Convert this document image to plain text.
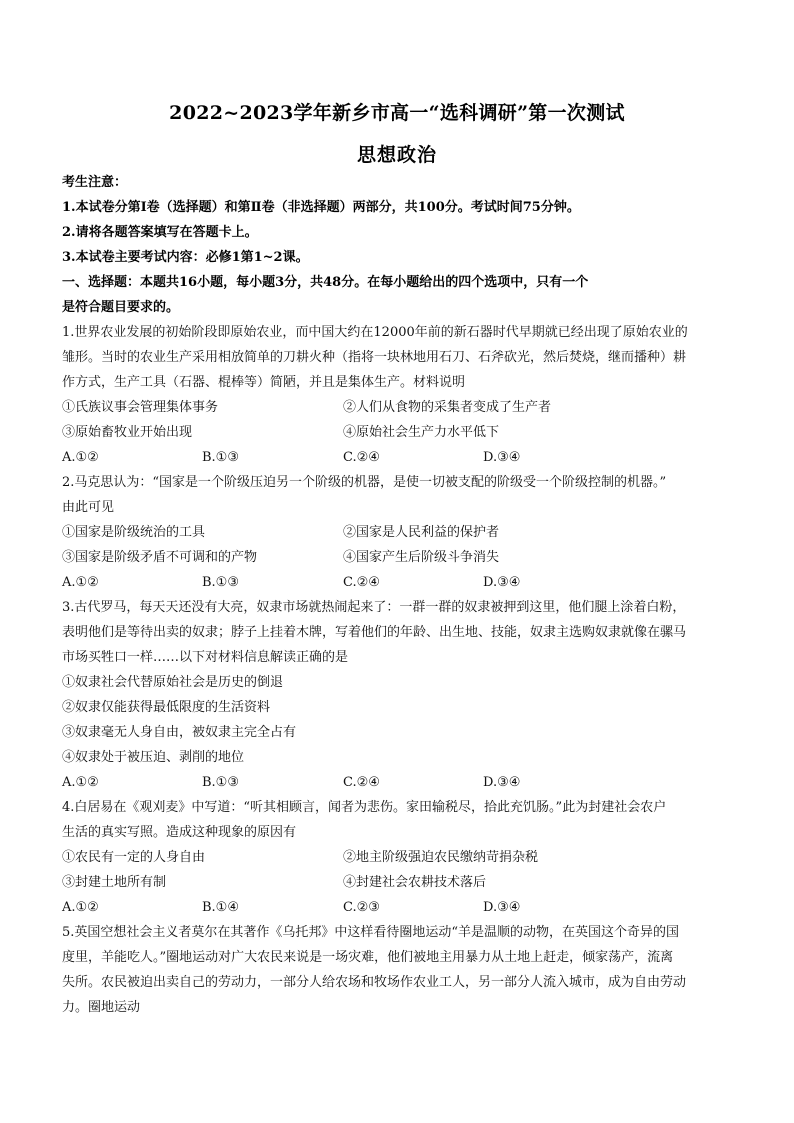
2022~2023学年新乡市高一“选科调研”第一次测试
思想政治
考生注意：
1.本试卷分第Ⅰ卷（选择题）和第Ⅱ卷（非选择题）两部分，共100分。考试时间75分钟。
2.请将各题答案填写在答题卡上。
3.本试卷主要考试内容：必修1第1~2课。
一、选择题：本题共16小题，每小题3分，共48分。在每小题给出的四个选项中，只有一个
是符合题目要求的。
1.世界农业发展的初始阶段即原始农业，而中国大约在12000年前的新石器时代早期就已经出现了原始农业的
雏形。当时的农业生产采用相放简单的刀耕火种（指将一块林地用石刀、石斧砍光，然后焚烧，继而播种）耕
作方式，生产工具（石器、棍棒等）简陋，并且是集体生产。材料说明
①氏族议事会管理集体事务	②人们从食物的采集者变成了生产者
③原始畜牧业开始出现	④原始社会生产力水平低下
A.①②	B.①③	C.②④	D.③④
2.马克思认为：“国家是一个阶级压迫另一个阶级的机器，是使一切被支配的阶级受一个阶级控制的机器。”
由此可见
①国家是阶级统治的工具	②国家是人民利益的保护者
③国家是阶级矛盾不可调和的产物	④国家产生后阶级斗争消失
A.①②	B.①③	C.②④	D.③④
3.古代罗马，每天天还没有大亮，奴隶市场就热闹起来了：一群一群的奴隶被押到这里，他们腿上涂着白粉，
表明他们是等待出卖的奴隶；脖子上挂着木牌，写着他们的年龄、出生地、技能，奴隶主选购奴隶就像在骡马
市场买牲口一样……以下对材料信息解读正确的是
①奴隶社会代替原始社会是历史的倒退
②奴隶仅能获得最低限度的生活资料
③奴隶毫无人身自由，被奴隶主完全占有
④奴隶处于被压迫、剥削的地位
A.①②	B.①③	C.②④	D.③④
4.白居易在《观刈麦》中写道：“听其相顾言，闻者为悲伤。家田输税尽，拾此充饥肠。”此为封建社会农户
生活的真实写照。造成这种现象的原因有
①农民有一定的人身自由	②地主阶级强迫农民缴纳苛捐杂税
③封建土地所有制	④封建社会农耕技术落后
A.①②	B.①④	C.②③	D.③④
5.英国空想社会主义者莫尔在其著作《乌托邦》中这样看待圈地运动“羊是温顺的动物，在英国这个奇异的国
度里，羊能吃人。”圈地运动对广大农民来说是一场灾难，他们被地主用暴力从土地上赶走，倾家荡产，流离
失所。农民被迫出卖自己的劳动力，一部分人给农场和牧场作农业工人，另一部分人流入城市，成为自由劳动
力。圈地运动
